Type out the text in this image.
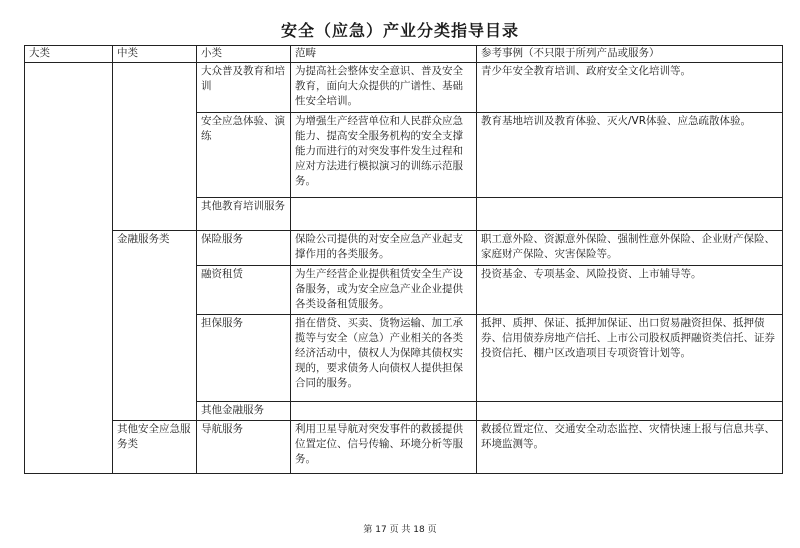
安全（应急）产业分类指导目录
大类	中类	小类	范畴	参考事例（不只限于所列产品或服务）
		大众普及教育和培训	为提高社会整体安全意识、普及安全教育，面向大众提供的广谱性、基础性安全培训。	青少年安全教育培训、政府安全文化培训等。
		安全应急体验、演练	为增强生产经营单位和人民群众应急能力、提高安全服务机构的安全支撑能力而进行的对突发事件发生过程和应对方法进行模拟演习的训练示范服务。	教育基地培训及教育体验、灭火/VR体验、应急疏散体验。
		其他教育培训服务		
	金融服务类	保险服务	保险公司提供的对安全应急产业起支撑作用的各类服务。	职工意外险、资源意外保险、强制性意外保险、企业财产保险、家庭财产保险、灾害保险等。
		融资租赁	为生产经营企业提供租赁安全生产设备服务，或为安全应急产业企业提供各类设备租赁服务。	投资基金、专项基金、风险投资、上市辅导等。
		担保服务	指在借贷、买卖、货物运输、加工承揽等与安全（应急）产业相关的各类经济活动中，债权人为保障其债权实现的，要求债务人向债权人提供担保合同的服务。	抵押、质押、保证、抵押加保证、出口贸易融资担保、抵押债券、信用债券房地产信托、上市公司股权质押融资类信托、证券投资信托、棚户区改造项目专项资管计划等。
		其他金融服务		
	其他安全应急服务类	导航服务	利用卫星导航对突发事件的救援提供位置定位、信号传输、环境分析等服务。	救援位置定位、交通安全动态监控、灾情快速上报与信息共享、环境监测等。
第 17 页 共 18 页
